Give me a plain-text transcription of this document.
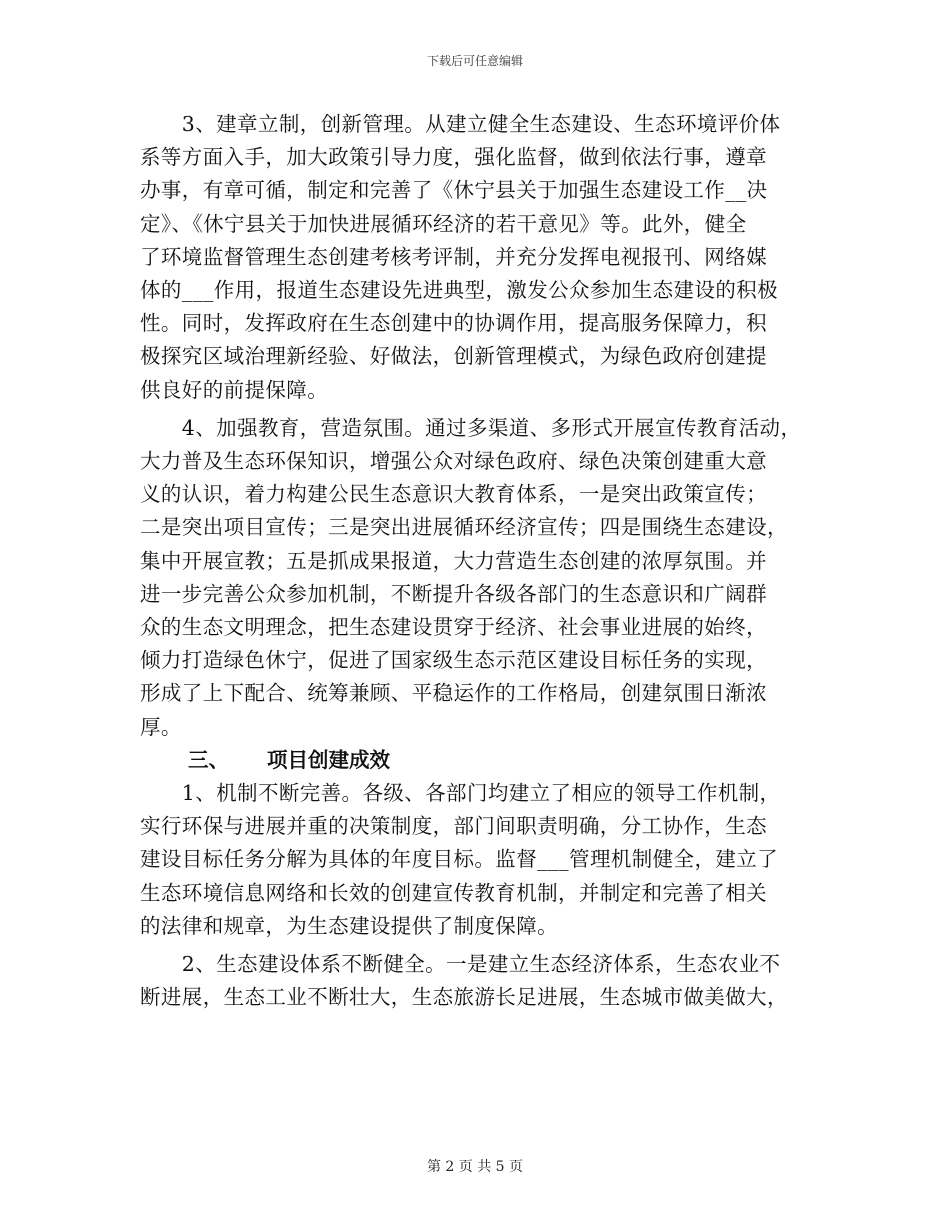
下载后可任意编辑
　　3、建章立制，创新管理。从建立健全生态建设、生态环境评价体
系等方面入手，加大政策引导力度，强化监督，做到依法行事，遵章
办事，有章可循，制定和完善了《休宁县关于加强生态建设工作__决
定》、《休宁县关于加快进展循环经济的若干意见》等。此外，健全
了环境监督管理生态创建考核考评制，并充分发挥电视报刊、网络媒
体的___作用，报道生态建设先进典型，激发公众参加生态建设的积极
性。同时，发挥政府在生态创建中的协调作用，提高服务保障力，积
极探究区域治理新经验、好做法，创新管理模式，为绿色政府创建提
供良好的前提保障。
　　4、加强教育，营造氛围。通过多渠道、多形式开展宣传教育活动，
大力普及生态环保知识，增强公众对绿色政府、绿色决策创建重大意
义的认识，着力构建公民生态意识大教育体系，一是突出政策宣传；
二是突出项目宣传；三是突出进展循环经济宣传；四是围绕生态建设，
集中开展宣教；五是抓成果报道，大力营造生态创建的浓厚氛围。并
进一步完善公众参加机制，不断提升各级各部门的生态意识和广阔群
众的生态文明理念，把生态建设贯穿于经济、社会事业进展的始终，
倾力打造绿色休宁，促进了国家级生态示范区建设目标任务的实现，
形成了上下配合、统筹兼顾、平稳运作的工作格局，创建氛围日渐浓
厚。
三、 项目创建成效
　　1、机制不断完善。各级、各部门均建立了相应的领导工作机制，
实行环保与进展并重的决策制度，部门间职责明确，分工协作，生态
建设目标任务分解为具体的年度目标。监督___管理机制健全，建立了
生态环境信息网络和长效的创建宣传教育机制，并制定和完善了相关
的法律和规章，为生态建设提供了制度保障。
　　2、生态建设体系不断健全。一是建立生态经济体系，生态农业不
断进展，生态工业不断壮大，生态旅游长足进展，生态城市做美做大，
第 2 页 共 5 页
